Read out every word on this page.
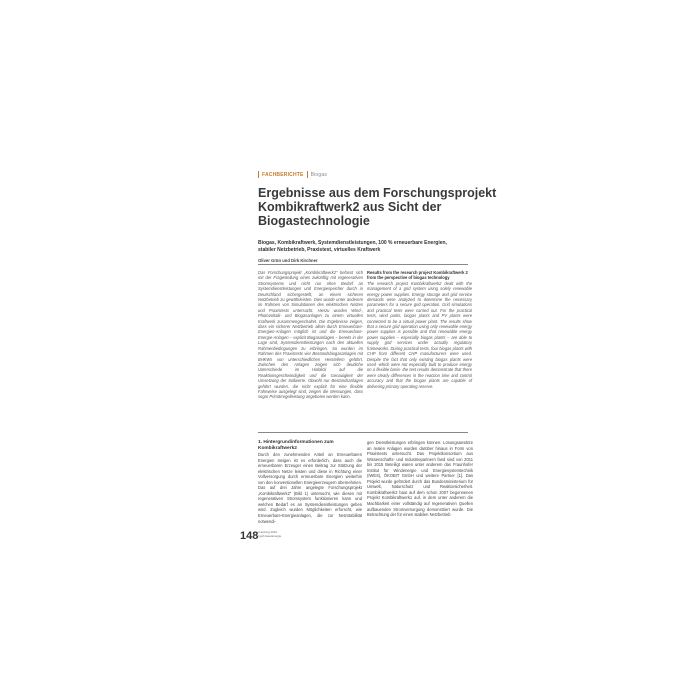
FACHBERICHTE Biogas
Ergebnisse aus dem Forschungsprojekt
Kombikraftwerk2 aus Sicht der
Biogastechnologie
Biogas, Kombikraftwerk, Systemdienstleistungen, 100 % erneuerbare Energien,
stabiler Netzbetrieb, Praxistest, virtuelles Kraftwerk
Oliver Grün und Dirk Kirchner
Das Forschungsprojekt „Kombikraftwerk2“ befasst sich mit der Fragestellung eines zukünftig mit regenerativen Stromsystems und nicht nur ohne Bedarf an Systemdienstleistungen und Energiespeicher durch in Deutschland sichergestellt, an einem sicheren Netzbetrieb zu gewährleisten. Dies wurde unter anderem im Rahmen von Simulationen des elektrischen Netzes und Praxistests untersucht. Hierzu wurden Wind-, Photovoltaik- und Biogasanlagen zu einem virtuellen Kraftwerk zusammengeschaltet. Die Ergebnisse zeigen, dass ein sicherer Netzbetrieb allein durch Erneuerbare-Energien-Anlagen möglich ist und die Erneuerbare-Energie-Anlagen – explizit Biogasanlagen – bereits in der Lage sind, Systemdienstleistungen nach den aktuellen Rahmenbedingungen zu erbringen. So wurden im Rahmen des Praxistests vier Bestandsbiogasanlagen mit BHKWs von unterschiedlichen Herstellern geführt. Zwischen den Anlagen zeigen sich deutliche Unterschiede im Hinblick auf die Reaktionsgeschwindigkeit und die Genauigkeit der Umsetzung der Sollwerte. Obwohl nur Bestandsanlagen geführt wurden, die nicht explizit für eine flexible Fahrweise ausgelegt sind, zeigen die Messungen, dass sogar Primärregelleistung angeboten werden kann.
Results from the research project Kombikraftwerk 2
from the perspective of biogas technology
The research project Kombikraftwerk2 dealt with the management of a grid system using solely renewable energy power supplies. Energy storage and grid service demands were analyzed to determine the necessary parameters for a secure grid operation. Grid simulations and practical tests were carried out. For the practical tests, wind parks, biogas plants and PV plants were connected to be a virtual power plant. The results show that a secure grid operation using only renewable energy power supplies is possible and that renewable energy power supplies – especially biogas plants – are able to supply grid services under actually regulatory frameworks. During practical tests, four biogas plants with CHP from different CHP manufacturers were used. Despite the fact that only existing biogas plants were used -which were not especially built to produce energy on a flexible basis- the test results demonstrate that there were clearly differences in the reaction time and control accuracy and that the biogas plants are capable of delivering primary operating reserve.
1. Hintergrundinformationen zum
Kombikraftwerk2
Durch den zunehmenden Anteil an Erneuerbaren Energien steigen ist es erforderlich, dass auch die erneuerbaren Erzeuger einen Beitrag zur Stützung der elektrischen Netze leisten und diese in Richtung einer Vollversorgung durch erneuerbare Energien weiterhin von den konventionellen Energieerzeugern übernehmen. Das auf drei Jahre angelegte Forschungsprojekt „Kombikraftwerk2“ (Bild 1) untersucht, wie dieses mit regenerativen Stromsystem funktionieren kann und welchen Bedarf es an Systemdienstleistungen geben wird. Zugleich wurden Möglichkeiten erforscht, wie Erneuerbare-Energieanlagen, die zur Netzstabilität notwendi-
gen Dienstleistungen erbringen können. Lösungsansätze an realen Anlagen wurden darüber hinaus in Form von Praxistests untersucht. Das Projektkonsortium aus Wissenschafts- und Industriepartnern fand sind von 2011 bis 2015 Beteiligt waren unter anderem das Fraunhofer Institut für Windenergie und Energiesystemtechnik (IWES), ÖKOBIT GmbH und weitere Partner [1]. Das Projekt wurde gefördert durch das Bundesministerium für Umwelt, Naturschutz und Reaktorsicherheit. Kombikraftwerk2 baut auf dem schon 2007 begonnenen Projekt Kombikraftwerk1 auf, in dem unter anderem die Machbarkeit einer vollständig auf regenerativen Quellen aufbauenden Stromversorgung demonstriert wurde. Die Betrachtung der für einen stabilen Netzbetrieb
148 | Heizung 2016
| gwf-Gas+Energie
